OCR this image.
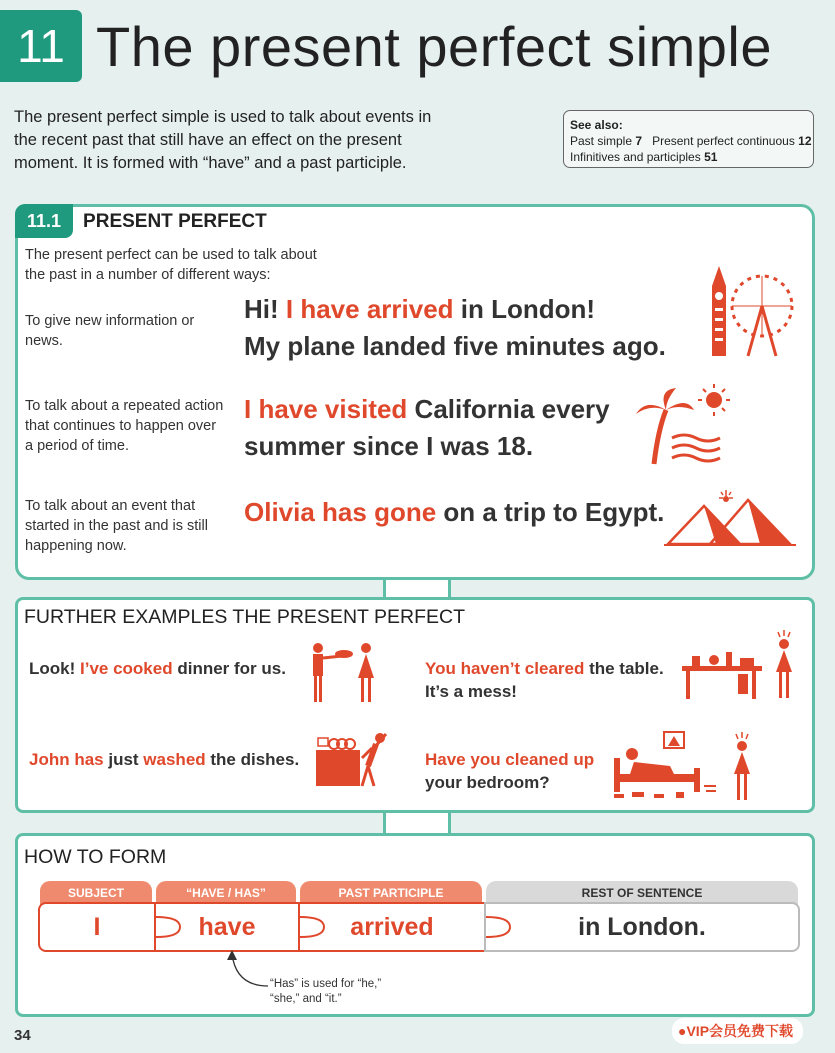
11 The present perfect simple
The present perfect simple is used to talk about events in the recent past that still have an effect on the present moment. It is formed with “have” and a past participle.
See also:
Past simple 7 Present perfect continuous 12
Infinitives and participles 51
11.1	PRESENT PERFECT
The present perfect can be used to talk about the past in a number of different ways:
To give new information or news.
Hi! I have arrived in London!
My plane landed five minutes ago.
To talk about a repeated action that continues to happen over a period of time.
I have visited California every
summer since I was 18.
To talk about an event that started in the past and is still happening now.
Olivia has gone on a trip to Egypt.
FURTHER EXAMPLES THE PRESENT PERFECT
Look! I’ve cooked dinner for us.	You haven’t cleared the table.
It’s a mess!
John has just washed the dishes.	Have you cleaned up
your bedroom?
HOW TO FORM
SUBJECT	“HAVE / HAS”	PAST PARTICIPLE	REST OF SENTENCE
I	have	arrived	in London.
“Has” is used for “he,” “she,” and “it.”
34	●​VIP会员免费下载
